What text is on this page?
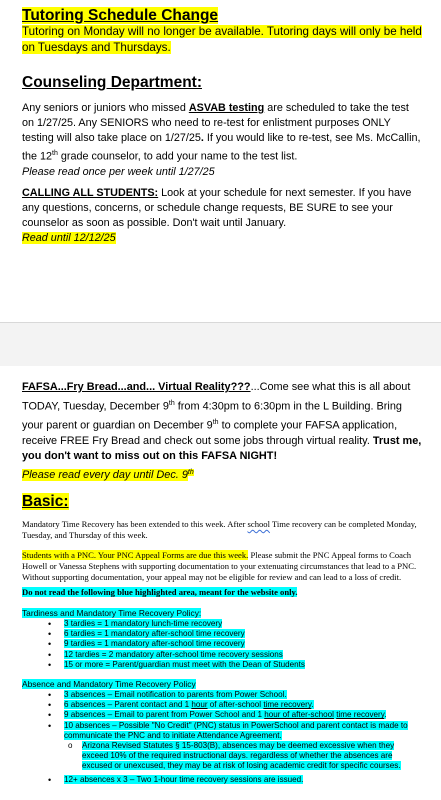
Tutoring Schedule Change
Tutoring on Monday will no longer be available. Tutoring days will only be held on Tuesdays and Thursdays.
Counseling Department:
Any seniors or juniors who missed ASVAB testing are scheduled to take the test on 1/27/25. Any SENIORS who need to re-test for enlistment purposes ONLY testing will also take place on 1/27/25. If you would like to re-test, see Ms. McCallin, the 12th grade counselor, to add your name to the test list.
Please read once per week until 1/27/25
CALLING ALL STUDENTS: Look at your schedule for next semester. If you have any questions, concerns, or schedule change requests, BE SURE to see your counselor as soon as possible. Don't wait until January.
Read until 12/12/25
FAFSA...Fry Bread...and... Virtual Reality???...Come see what this is all about TODAY, Tuesday, December 9th from 4:30pm to 6:30pm in the L Building. Bring your parent or guardian on December 9th to complete your FAFSA application, receive FREE Fry Bread and check out some jobs through virtual reality. Trust me, you don't want to miss out on this FAFSA NIGHT!
Please read every day until Dec. 9th
Basic:
Mandatory Time Recovery has been extended to this week. After school Time recovery can be completed Monday, Tuesday, and Thursday of this week.
Students with a PNC. Your PNC Appeal Forms are due this week. Please submit the PNC Appeal forms to Coach Howell or Vanessa Stephens with supporting documentation to your extenuating circumstances that lead to a PNC. Without supporting documentation, your appeal may not be eligible for review and can lead to a loss of credit.
Do not read the following blue highlighted area, meant for the website only.
Tardiness and Mandatory Time Recovery Policy:
• 3 tardies = 1 mandatory lunch-time recovery
• 6 tardies = 1 mandatory after-school time recovery
• 9 tardies = 1 mandatory after-school time recovery
• 12 tardies = 2 mandatory after-school time recovery sessions
• 15 or more = Parent/guardian must meet with the Dean of Students
Absence and Mandatory Time Recovery Policy
• 3 absences – Email notification to parents from Power School.
• 6 absences – Parent contact and 1 hour of after-school time recovery.
• 9 absences – Email to parent from Power School and 1 hour of after-school time recovery.
• 10 absences – Possible "No Credit" (PNC) status in PowerSchool and parent contact is made to communicate the PNC and to initiate Attendance Agreement.
o Arizona Revised Statutes § 15-803(B), absences may be deemed excessive when they exceed 10% of the required instructional days. regardless of whether the absences are excused or unexcused, they may be at risk of losing academic credit for specific courses.
• 12+ absences x 3 – Two 1-hour time recovery sessions are issued.
